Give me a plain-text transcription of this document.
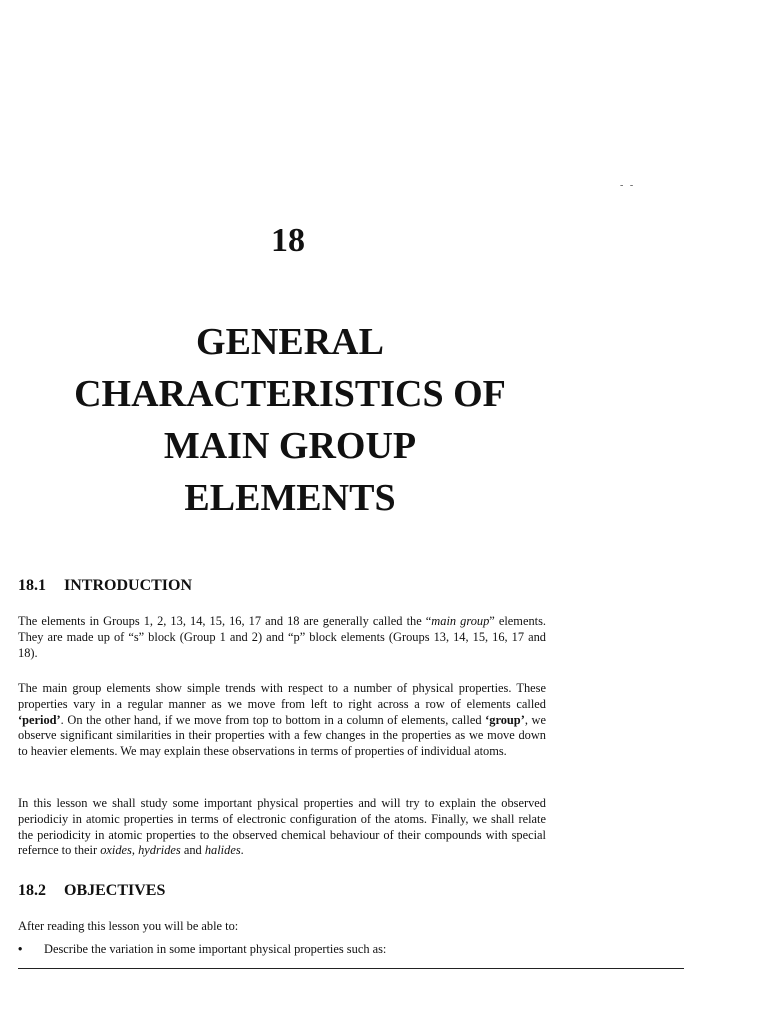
- -
18
GENERAL
CHARACTERISTICS OF
MAIN GROUP
ELEMENTS
18.1 INTRODUCTION

The elements in Groups 1, 2, 13, 14, 15, 16, 17 and 18 are generally called the “main group” elements. They are made up of “s” block (Group 1 and 2) and “p” block elements (Groups 13, 14, 15, 16, 17 and 18).

The main group elements show simple trends with respect to a number of physical properties. These properties vary in a regular manner as we move from left to right across a row of elements called ‘period’. On the other hand, if we move from top to bottom in a column of elements, called ‘group’, we observe significant similarities in their properties with a few changes in the properties as we move down to heavier elements. We may explain these observations in terms of properties of individual atoms.

In this lesson we shall study some important physical properties and will try to explain the observed periodiciy in atomic properties in terms of electronic configuration of the atoms. Finally, we shall relate the periodicity in atomic properties to the observed chemical behaviour of their compounds with special refernce to their oxides, hydrides and halides.

18.2 OBJECTIVES

After reading this lesson you will be able to:

• Describe the variation in some important physical properties such as:
